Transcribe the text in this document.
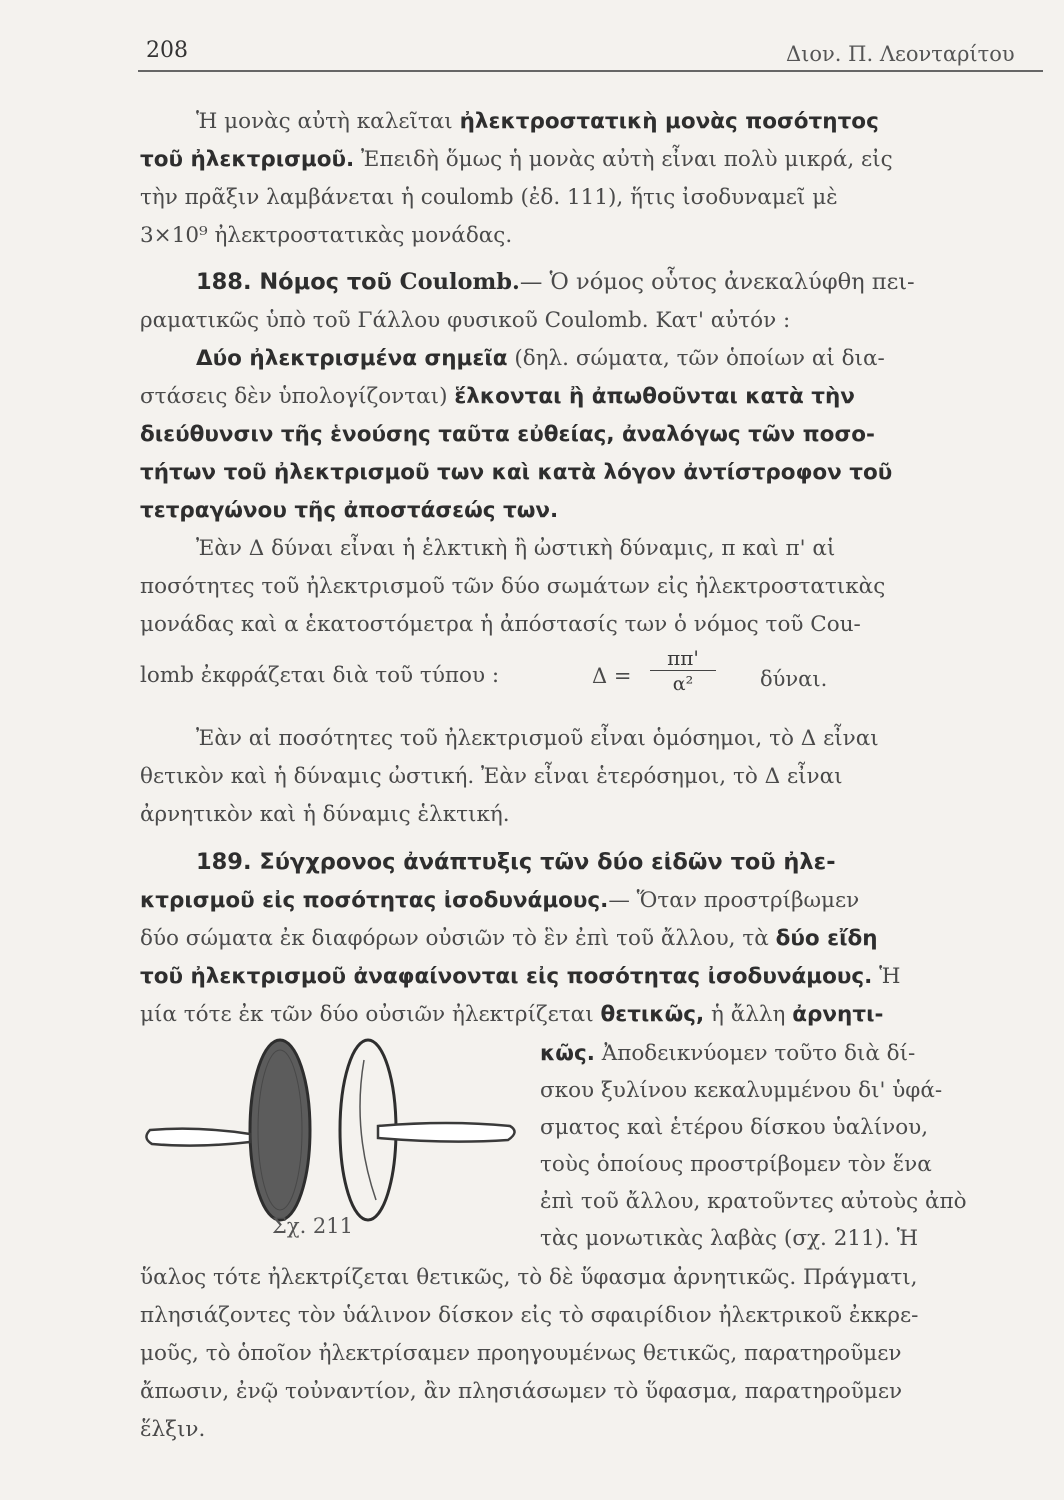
208	Διον. Π. Λεονταρίτου
Ἡ μονὰς αὐτὴ καλεῖται ἠλεκτροστατικὴ μονὰς ποσότητος
τοῦ ἠλεκτρισμοῦ. Ἐπειδὴ ὅμως ἡ μονὰς αὐτὴ εἶναι πολὺ μικρά, εἰς
τὴν πρᾶξιν λαμβάνεται ἡ coulomb (ἐδ. 111), ἥτις ἰσοδυναμεῖ μὲ
3×10⁹ ἠλεκτροστατικὰς μονάδας.
188. Νόμος τοῦ Coulomb.— Ὁ νόμος οὗτος ἀνεκαλύφθη πει-
ραματικῶς ὑπὸ τοῦ Γάλλου φυσικοῦ Coulomb. Κατ' αὐτόν :
Δύο ἠλεκτρισμένα σημεῖα (δηλ. σώματα, τῶν ὁποίων αἱ δια-
στάσεις δὲν ὑπολογίζονται) ἕλκονται ἢ ἀπωθοῦνται κατὰ τὴν
διεύθυνσιν τῆς ἑνούσης ταῦτα εὐθείας, ἀναλόγως τῶν ποσο-
τήτων τοῦ ἠλεκτρισμοῦ των καὶ κατὰ λόγον ἀντίστροφον τοῦ
τετραγώνου τῆς ἀποστάσεώς των.
Ἐὰν Δ δύναι εἶναι ἡ ἑλκτικὴ ἢ ὠστικὴ δύναμις, π καὶ π' αἱ
ποσότητες τοῦ ἠλεκτρισμοῦ τῶν δύο σωμάτων εἰς ἠλεκτροστατικὰς
μονάδας καὶ α ἑκατοστόμετρα ἡ ἀπόστασίς των ὁ νόμος τοῦ Cou-
lomb ἐκφράζεται διὰ τοῦ τύπου :	$\Delta = \frac{\pi\pi'}{\text{α²}} \delta ύ\nu\alpha\iota$.
Ἐὰν αἱ ποσότητες τοῦ ἠλεκτρισμοῦ εἶναι ὁμόσημοι, τὸ Δ εἶναι
θετικὸν καὶ ἡ δύναμις ὠστική. Ἐὰν εἶναι ἑτερόσημοι, τὸ Δ εἶναι
ἀρνητικὸν καὶ ἡ δύναμις ἑλκτική.
189. Σύγχρονος ἀνάπτυξις τῶν δύο εἰδῶν τοῦ ἠλε-
κτρισμοῦ εἰς ποσότητας ἰσοδυνάμους.— Ὅταν προστρίβωμεν
δύο σώματα ἐκ διαφόρων οὐσιῶν τὸ ἓν ἐπὶ τοῦ ἄλλου, τὰ δύο εἴδη
τοῦ ἠλεκτρισμοῦ ἀναφαίνονται εἰς ποσότητας ἰσοδυνάμους. Ἡ
μία τότε ἐκ τῶν δύο οὐσιῶν ἠλεκτρίζεται θετικῶς, ἡ ἄλλη ἀρνητι-
Σχ. 211
κῶς. Ἀποδεικνύομεν τοῦτο διὰ δί-
σκου ξυλίνου κεκαλυμμένου δι' ὑφά-
σματος καὶ ἑτέρου δίσκου ὑαλίνου,
τοὺς ὁποίους προστρίβομεν τὸν ἕνα
ἐπὶ τοῦ ἄλλου, κρατοῦντες αὐτοὺς ἀπὸ
τὰς μονωτικὰς λαβὰς (σχ. 211). Ἡ
ὕαλος τότε ἠλεκτρίζεται θετικῶς, τὸ δὲ ὕφασμα ἀρνητικῶς. Πράγματι,
πλησιάζοντες τὸν ὑάλινον δίσκον εἰς τὸ σφαιρίδιον ἠλεκτρικοῦ ἐκκρε-
μοῦς, τὸ ὁποῖον ἠλεκτρίσαμεν προηγουμένως θετικῶς, παρατηροῦμεν
ἄπωσιν, ἐνῷ τοὐναντίον, ἂν πλησιάσωμεν τὸ ὕφασμα, παρατηροῦμεν
ἕλξιν.
